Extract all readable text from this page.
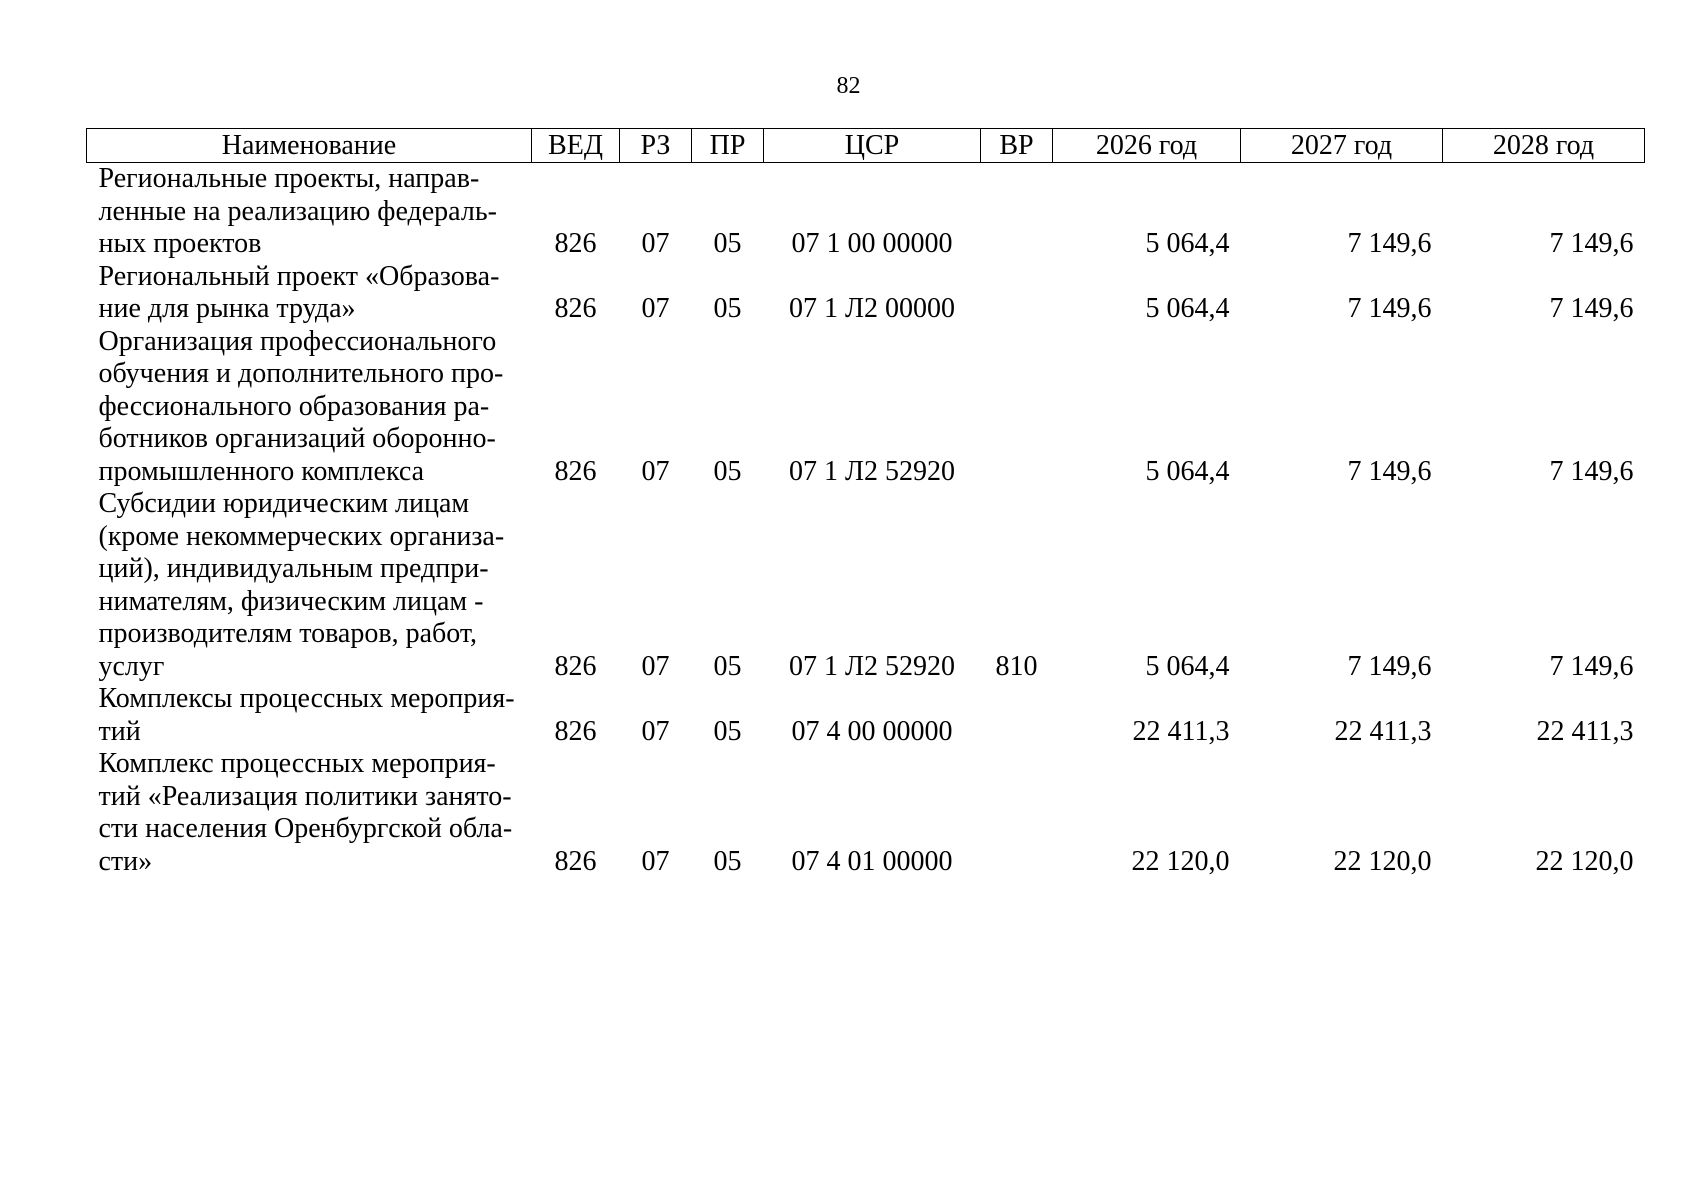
82
Наименование	ВЕД	РЗ	ПР	ЦСР	ВР	2026 год	2027 год	2028 год
Региональные проекты, направ-ленные на реализацию федераль-ных проектов	826	07	05	07 1 00 00000		5 064,4	7 149,6	7 149,6
Региональный проект «Образова-ние для рынка труда»	826	07	05	07 1 Л2 00000		5 064,4	7 149,6	7 149,6
Организация профессионального обучения и дополнительного про-фессионального образования ра-ботников организаций оборонно-промышленного комплекса	826	07	05	07 1 Л2 52920		5 064,4	7 149,6	7 149,6
Субсидии юридическим лицам (кроме некоммерческих организа-ций), индивидуальным предпри-нимателям, физическим лицам - производителям товаров, работ, услуг	826	07	05	07 1 Л2 52920	810	5 064,4	7 149,6	7 149,6
Комплексы процессных мероприя-тий	826	07	05	07 4 00 00000		22 411,3	22 411,3	22 411,3
Комплекс процессных мероприя-тий «Реализация политики занято-сти населения Оренбургской обла-сти»	826	07	05	07 4 01 00000		22 120,0	22 120,0	22 120,0
